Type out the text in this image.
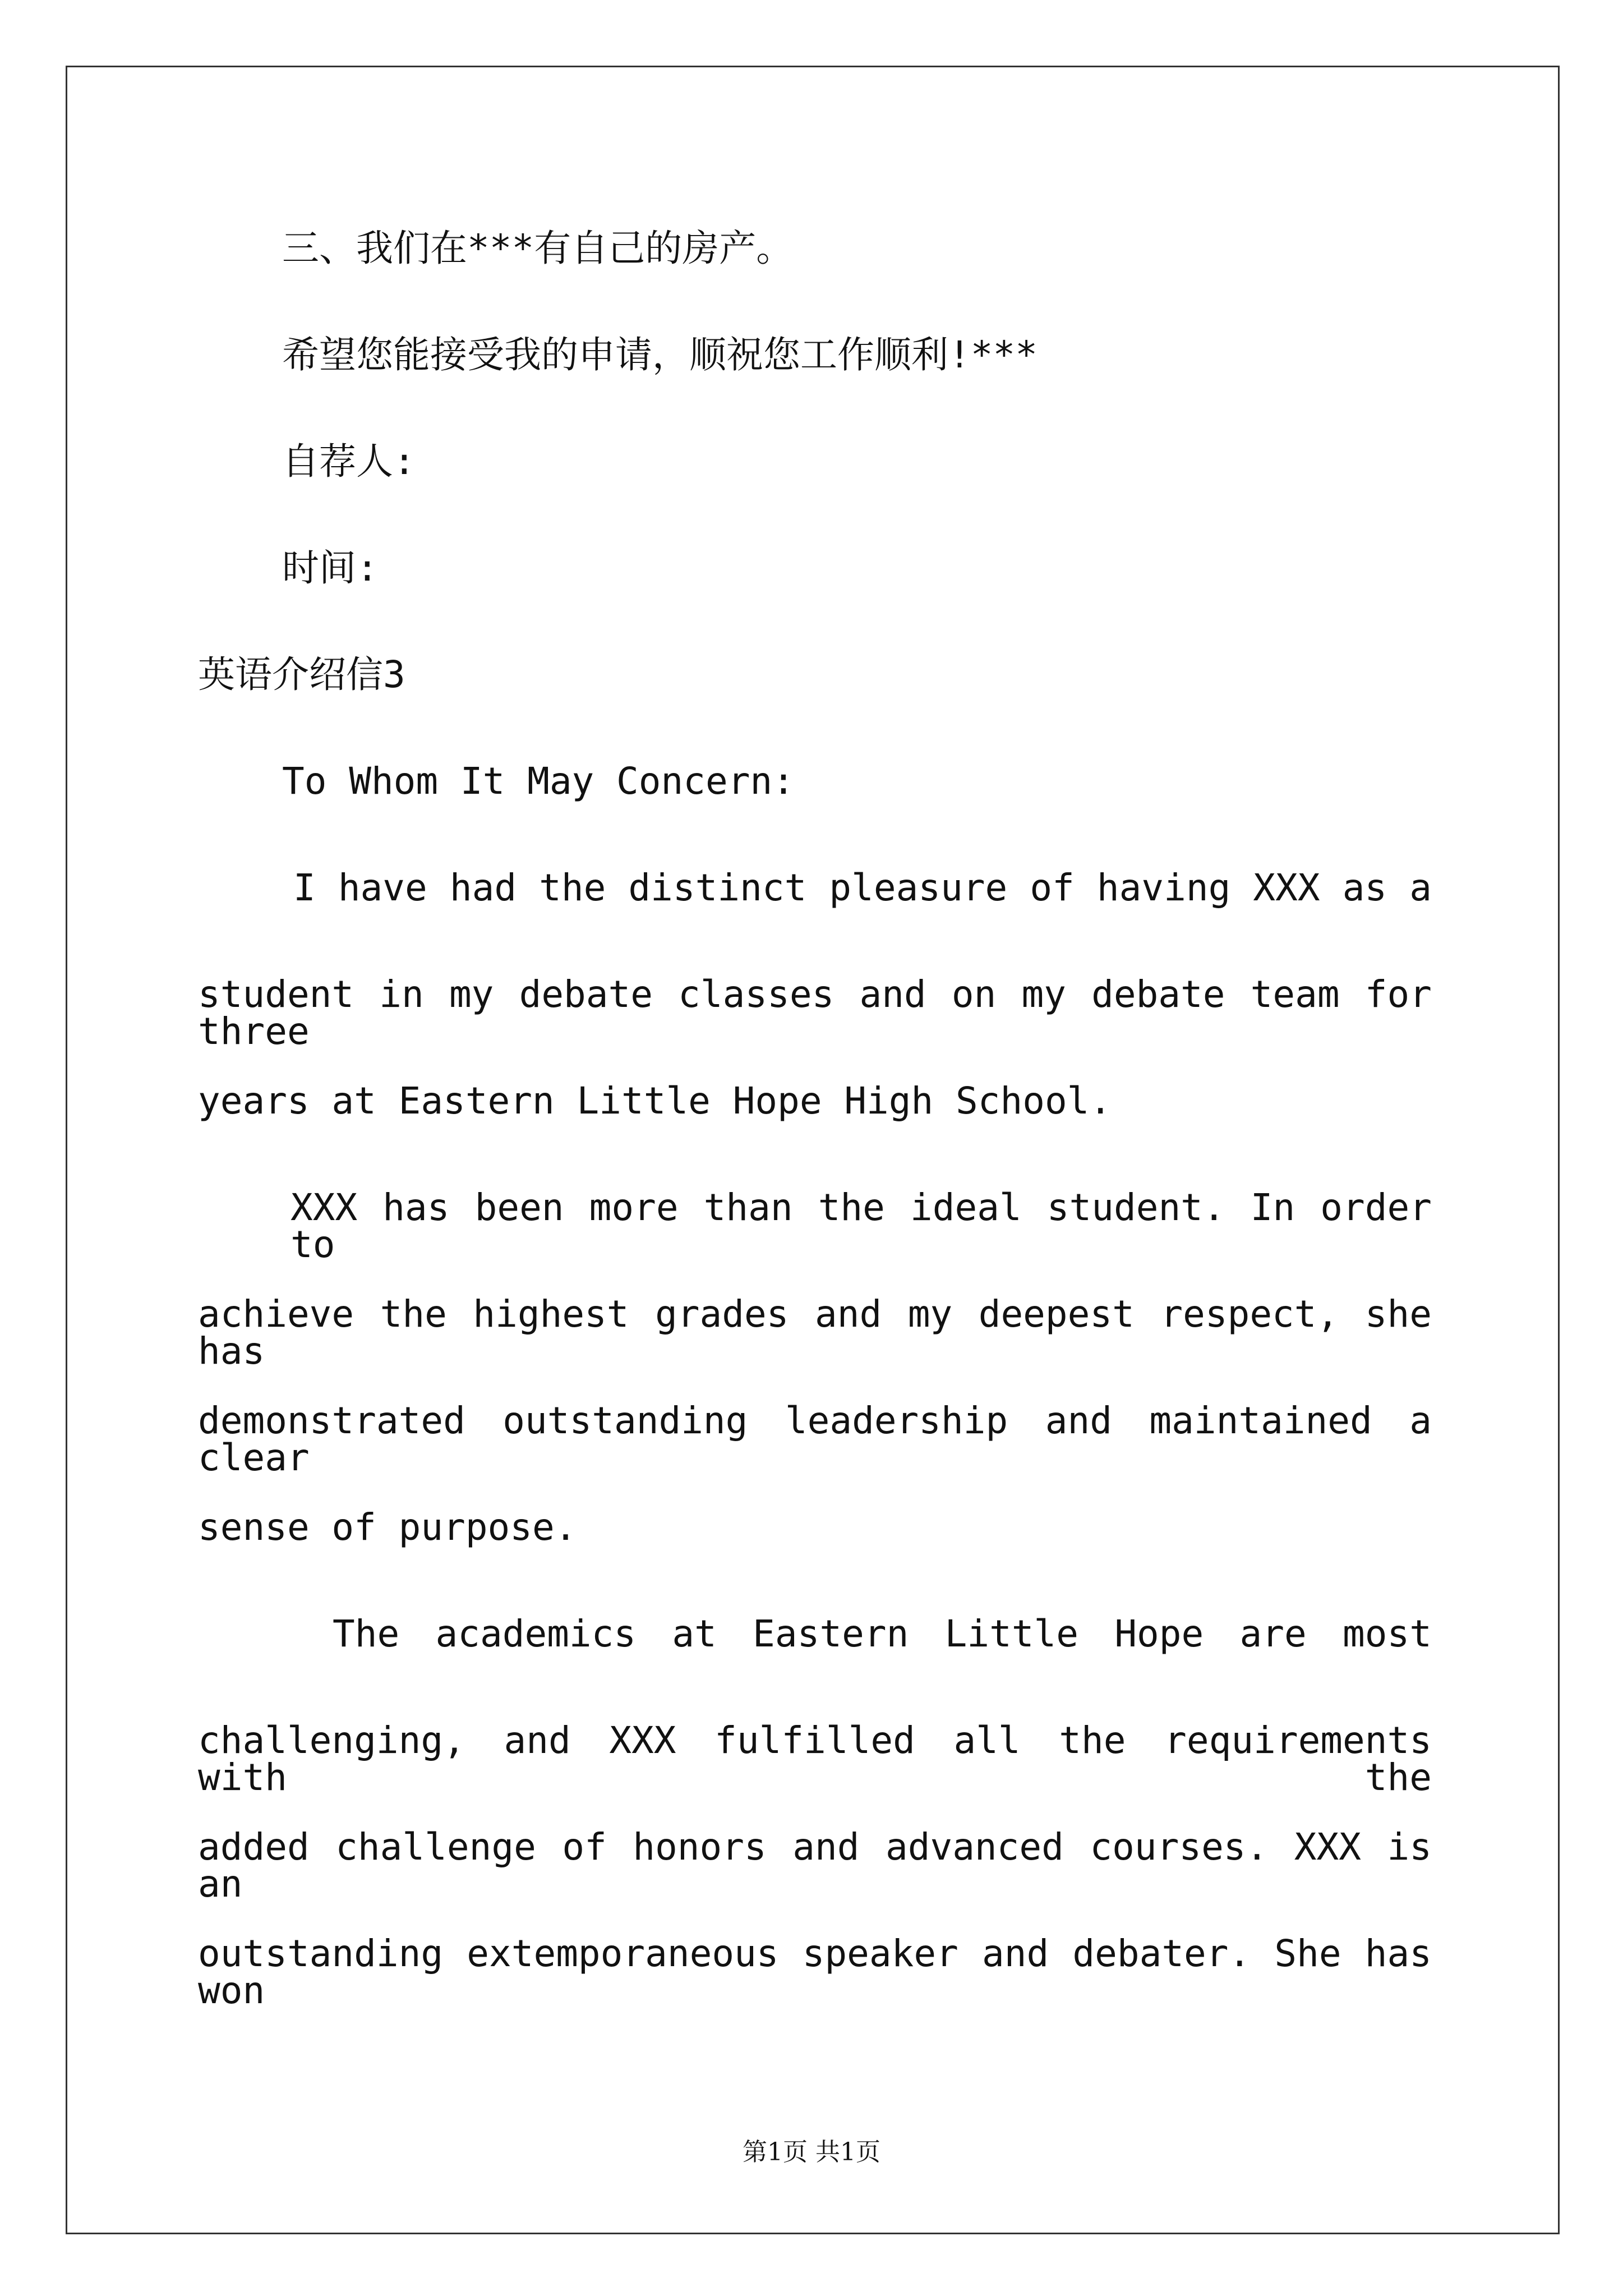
三、我们在***有自己的房产。
希望您能接受我的申请，顺祝您工作顺利!***
自荐人:
时间:
英语介绍信3
To Whom It May Concern:
I have had the distinct pleasure of having XXX as a
student in my debate classes and on my debate team for three
years at Eastern Little Hope High School.
XXX has been more than the ideal student. In order to
achieve the highest grades and my deepest respect, she has
demonstrated outstanding leadership and maintained a clear
sense of purpose.
The academics at Eastern Little Hope are most
challenging, and XXX fulfilled all the requirements with the
added challenge of honors and advanced courses. XXX is an
outstanding extemporaneous speaker and debater. She has won
第1页 共1页
